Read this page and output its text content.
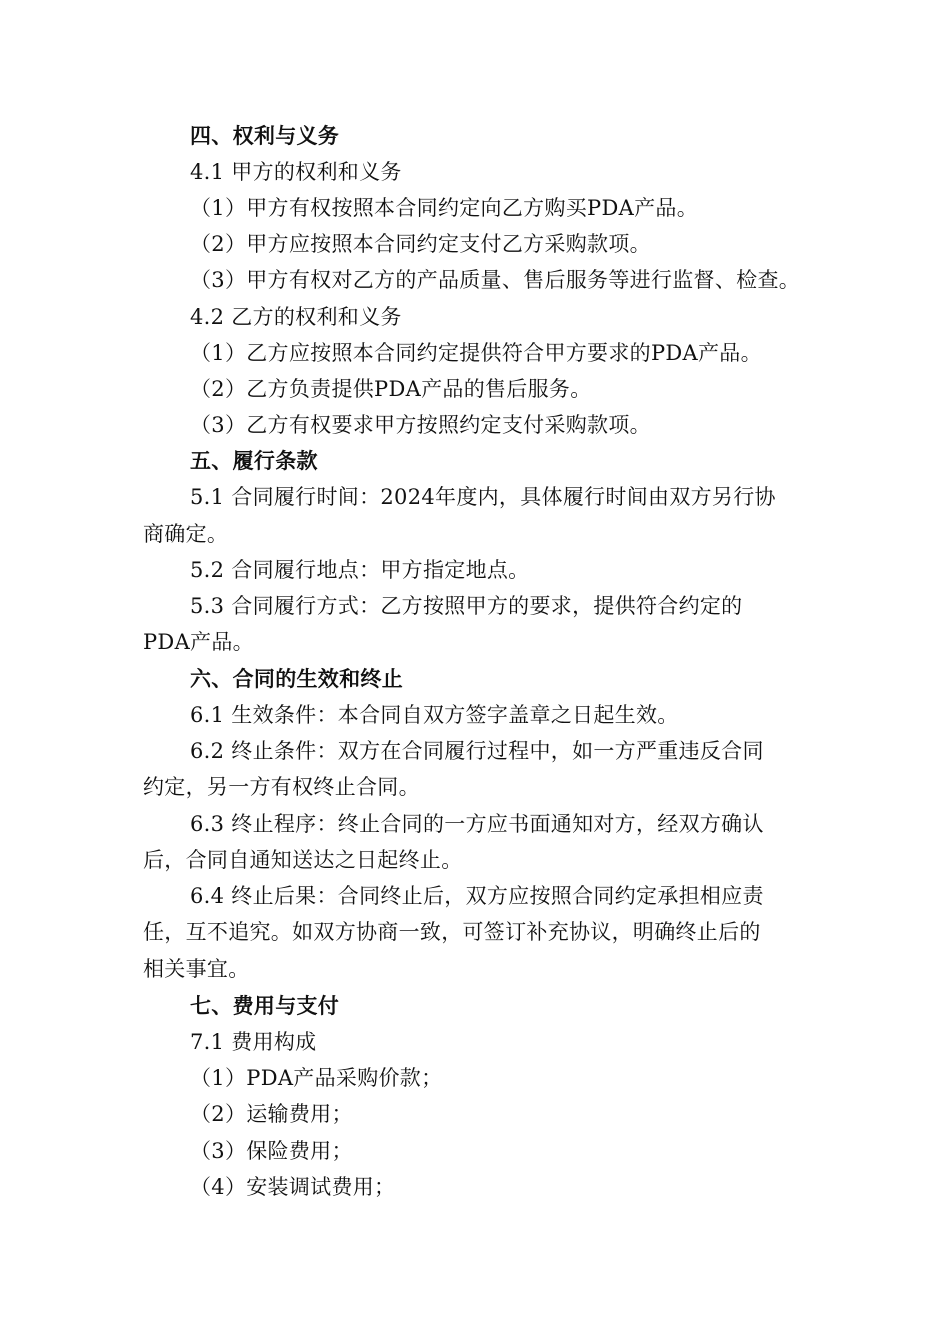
四、权利与义务
4.1 甲方的权利和义务
（1）甲方有权按照本合同约定向乙方购买PDA产品。
（2）甲方应按照本合同约定支付乙方采购款项。
（3）甲方有权对乙方的产品质量、售后服务等进行监督、检查。
4.2 乙方的权利和义务
（1）乙方应按照本合同约定提供符合甲方要求的PDA产品。
（2）乙方负责提供PDA产品的售后服务。
（3）乙方有权要求甲方按照约定支付采购款项。
五、履行条款
5.1 合同履行时间：2024年度内，具体履行时间由双方另行协
商确定。
5.2 合同履行地点：甲方指定地点。
5.3 合同履行方式：乙方按照甲方的要求，提供符合约定的
PDA产品。
六、合同的生效和终止
6.1 生效条件：本合同自双方签字盖章之日起生效。
6.2 终止条件：双方在合同履行过程中，如一方严重违反合同
约定，另一方有权终止合同。
6.3 终止程序：终止合同的一方应书面通知对方，经双方确认
后，合同自通知送达之日起终止。
6.4 终止后果：合同终止后，双方应按照合同约定承担相应责
任，互不追究。如双方协商一致，可签订补充协议，明确终止后的
相关事宜。
七、费用与支付
7.1 费用构成
（1）PDA产品采购价款；
（2）运输费用；
（3）保险费用；
（4）安装调试费用；
